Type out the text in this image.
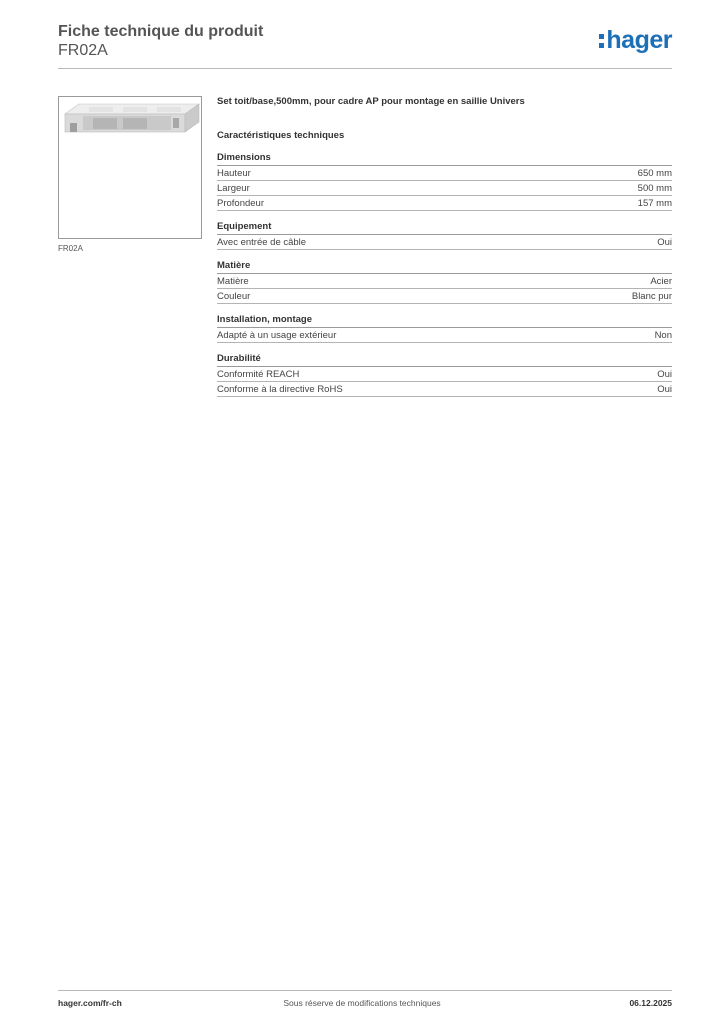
Fiche technique du produit
FR02A	hager
FR02A

Set toit/base,500mm, pour cadre AP pour montage en saillie Univers

Caractéristiques techniques
Dimensions
Hauteur	650 mm
Largeur	500 mm
Profondeur	157 mm
Equipement
Avec entrée de câble	Oui
Matière
Matière	Acier
Couleur	Blanc pur
Installation, montage
Adapté à un usage extérieur	Non
Durabilité
Conformité REACH	Oui
Conforme à la directive RoHS	Oui
Sous réserve de modifications techniques
hager.com/fr-ch	06.12.2025
